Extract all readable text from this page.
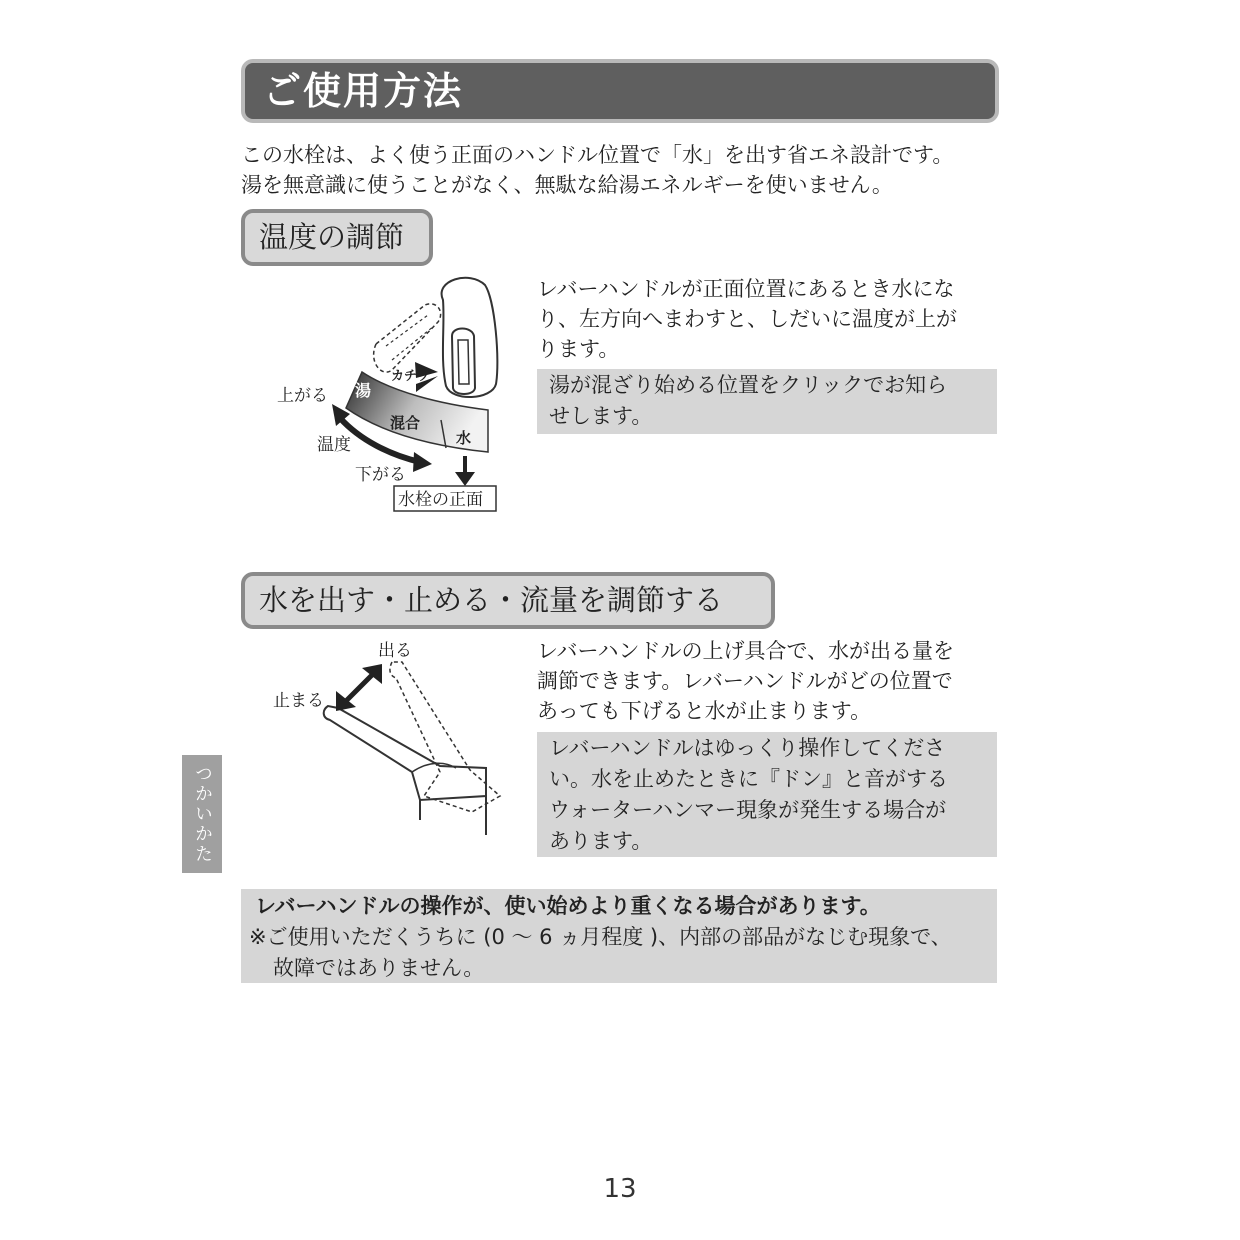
ご使用方法
この水栓は、よく使う正面のハンドル位置で「水」を出す省エネ設計です。
湯を無意識に使うことがなく、無駄な給湯エネルギーを使いません。
温度の調節
カチッ
湯
混合
水
上がる
温度
下がる
水栓の正面
レバーハンドルが正面位置にあるとき水にな
り、左方向へまわすと、しだいに温度が上が
ります。
湯が混ざり始める位置をクリックでお知ら
せします。
水を出す・止める・流量を調節する
出る
止まる
レバーハンドルの上げ具合で、水が出る量を
調節できます。レバーハンドルがどの位置で
あっても下げると水が止まります。
レバーハンドルはゆっくり操作してくださ
い。水を止めたときに『ドン』と音がする
ウォーターハンマー現象が発生する場合が
あります。
つかいかた
レバーハンドルの操作が、使い始めより重くなる場合があります。
※ご使用いただくうちに (0 ～ 6 ヵ月程度 )、内部の部品がなじむ現象で、
故障ではありません。
13
